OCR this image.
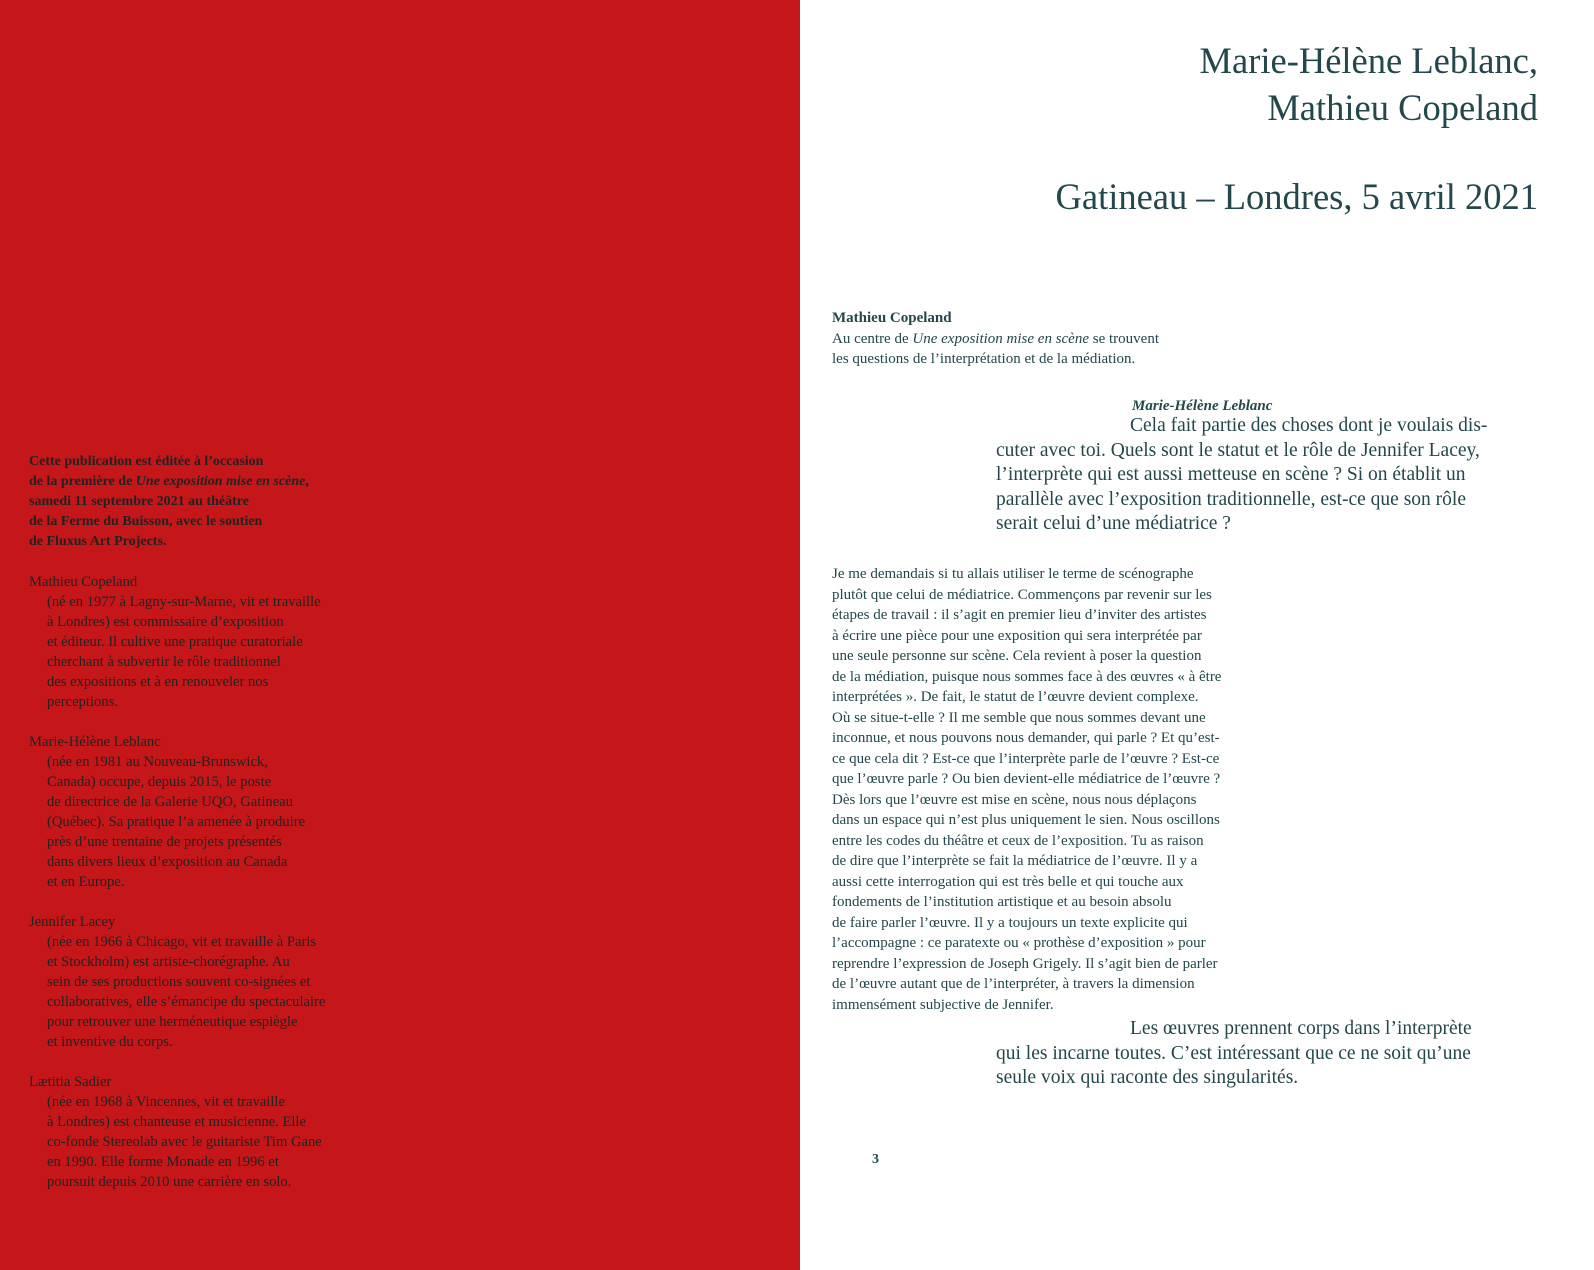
Cette publication est éditée à l’occasion
de la première de Une exposition mise en scène,
samedi 11 septembre 2021 au théâtre
de la Ferme du Buisson, avec le soutien
de Fluxus Art Projects.
Mathieu Copeland
(né en 1977 à Lagny-sur-Marne, vit et travaille
à Londres) est commissaire d’exposition
et éditeur. Il cultive une pratique curatoriale
cherchant à subvertir le rôle traditionnel
des expositions et à en renouveler nos
perceptions.
Marie-Hélène Leblanc
(née en 1981 au Nouveau-Brunswick,
Canada) occupe, depuis 2015, le poste
de directrice de la Galerie UQO, Gatineau
(Québec). Sa pratique l’a amenée à produire
près d’une trentaine de projets présentés
dans divers lieux d’exposition au Canada
et en Europe.
Jennifer Lacey
(née en 1966 à Chicago, vit et travaille à Paris
et Stockholm) est artiste-chorégraphe. Au
sein de ses productions souvent co-signées et
collaboratives, elle s’émancipe du spectaculaire
pour retrouver une herméneutique espiègle
et inventive du corps.
Lætitia Sadier
(née en 1968 à Vincennes, vit et travaille
à Londres) est chanteuse et musicienne. Elle
co-fonde Stereolab avec le guitariste Tim Gane
en 1990. Elle forme Monade en 1996 et
poursuit depuis 2010 une carrière en solo.
Marie-Hélène Leblanc,
Mathieu Copeland
Gatineau – Londres, 5 avril 2021
Mathieu Copeland
Au centre de Une exposition mise en scène se trouvent
les questions de l’interprétation et de la médiation.
Marie-Hélène Leblanc
Cela fait partie des choses dont je voulais dis-
cuter avec toi. Quels sont le statut et le rôle de Jennifer Lacey,
l’interprète qui est aussi metteuse en scène ? Si on établit un
parallèle avec l’exposition traditionnelle, est-ce que son rôle
serait celui d’une médiatrice ?
Je me demandais si tu allais utiliser le terme de scénographe
plutôt que celui de médiatrice. Commençons par revenir sur les
étapes de travail : il s’agit en premier lieu d’inviter des artistes
à écrire une pièce pour une exposition qui sera interprétée par
une seule personne sur scène. Cela revient à poser la question
de la médiation, puisque nous sommes face à des œuvres « à être
interprétées ». De fait, le statut de l’œuvre devient complexe.
Où se situe-t-elle ? Il me semble que nous sommes devant une
inconnue, et nous pouvons nous demander, qui parle ? Et qu’est-
ce que cela dit ? Est-ce que l’interprète parle de l’œuvre ? Est-ce
que l’œuvre parle ? Ou bien devient-elle médiatrice de l’œuvre ?
Dès lors que l’œuvre est mise en scène, nous nous déplaçons
dans un espace qui n’est plus uniquement le sien. Nous oscillons
entre les codes du théâtre et ceux de l’exposition. Tu as raison
de dire que l’interprète se fait la médiatrice de l’œuvre. Il y a
aussi cette interrogation qui est très belle et qui touche aux
fondements de l’institution artistique et au besoin absolu
de faire parler l’œuvre. Il y a toujours un texte explicite qui
l’accompagne : ce paratexte ou « prothèse d’exposition » pour
reprendre l’expression de Joseph Grigely. Il s’agit bien de parler
de l’œuvre autant que de l’interpréter, à travers la dimension
immensément subjective de Jennifer.
Les œuvres prennent corps dans l’interprète
qui les incarne toutes. C’est intéressant que ce ne soit qu’une
seule voix qui raconte des singularités.
3
